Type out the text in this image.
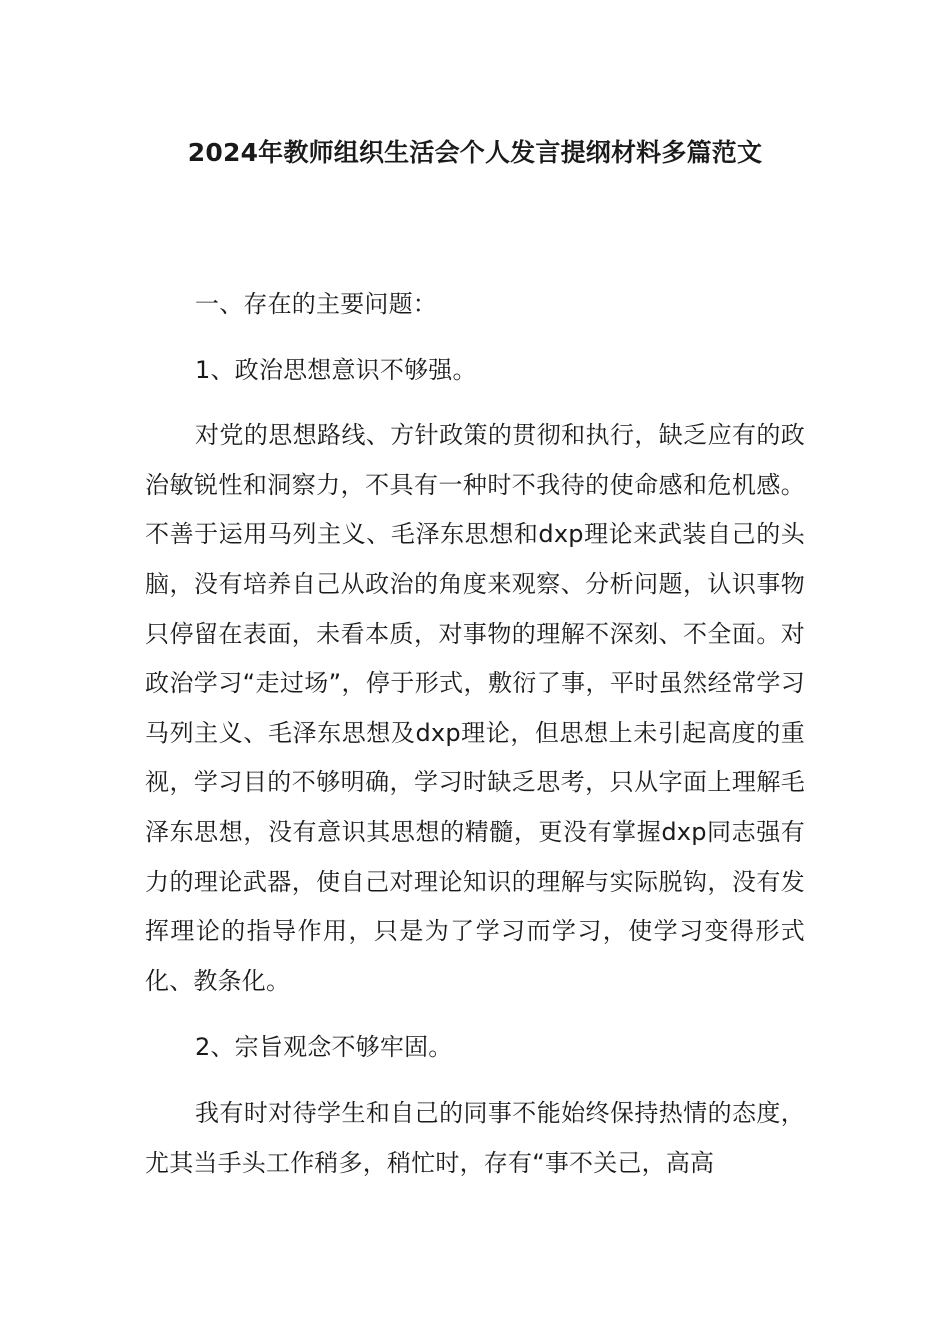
2024年教师组织生活会个人发言提纲材料多篇范文

一、存在的主要问题：

1、政治思想意识不够强。

对党的思想路线、方针政策的贯彻和执行，缺乏应有的政治敏锐性和洞察力，不具有一种时不我待的使命感和危机感。不善于运用马列主义、毛泽东思想和dxp理论来武装自己的头脑，没有培养自己从政治的角度来观察、分析问题，认识事物只停留在表面，未看本质，对事物的理解不深刻、不全面。对政治学习“走过场”，停于形式，敷衍了事，平时虽然经常学习马列主义、毛泽东思想及dxp理论，但思想上未引起高度的重视，学习目的不够明确，学习时缺乏思考，只从字面上理解毛泽东思想，没有意识其思想的精髓，更没有掌握dxp同志强有力的理论武器，使自己对理论知识的理解与实际脱钩，没有发挥理论的指导作用，只是为了学习而学习，使学习变得形式化、教条化。

2、宗旨观念不够牢固。

我有时对待学生和自己的同事不能始终保持热情的态度，尤其当手头工作稍多，稍忙时，存有“事不关己，高高
